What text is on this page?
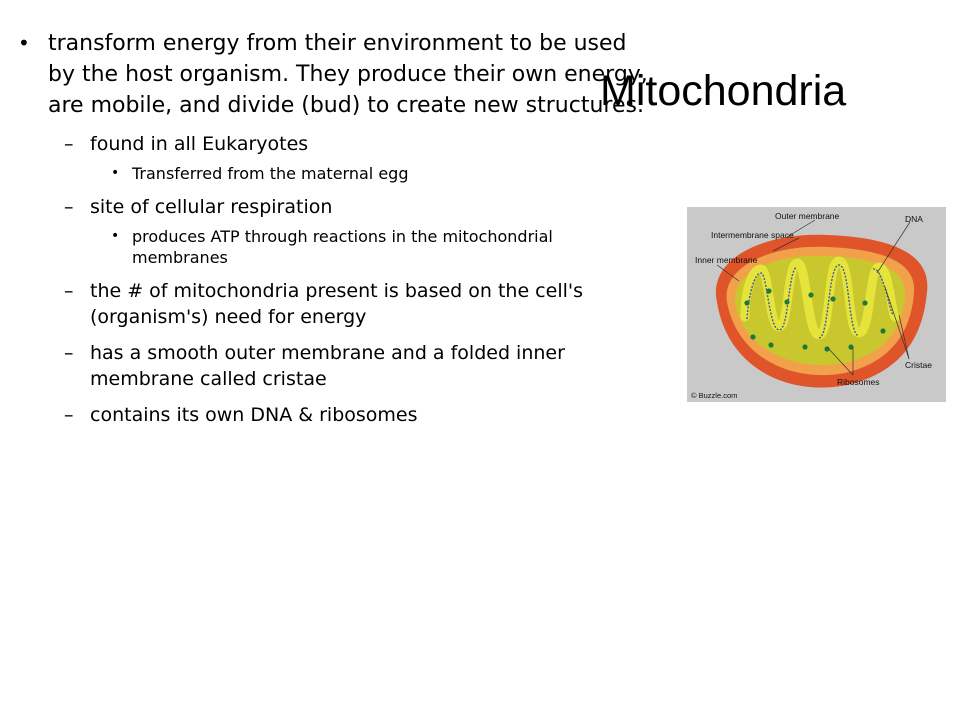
• transform energy from their environment to be used by the host organism. They produce their own energy, are mobile, and divide (bud) to create new structures.

– found in all Eukaryotes
• Transferred from the maternal egg
– site of cellular respiration
• produces ATP through reactions in the mitochondrial membranes
– the # of mitochondria present is based on the cell's (organism's) need for energy
– has a smooth outer membrane and a folded inner membrane called cristae
– contains its own DNA & ribosomes
Mitochondria
Outer membrane
Intermembrane space
Inner membrane
DNA
Cristae
Ribosomes
© Buzzle.com
